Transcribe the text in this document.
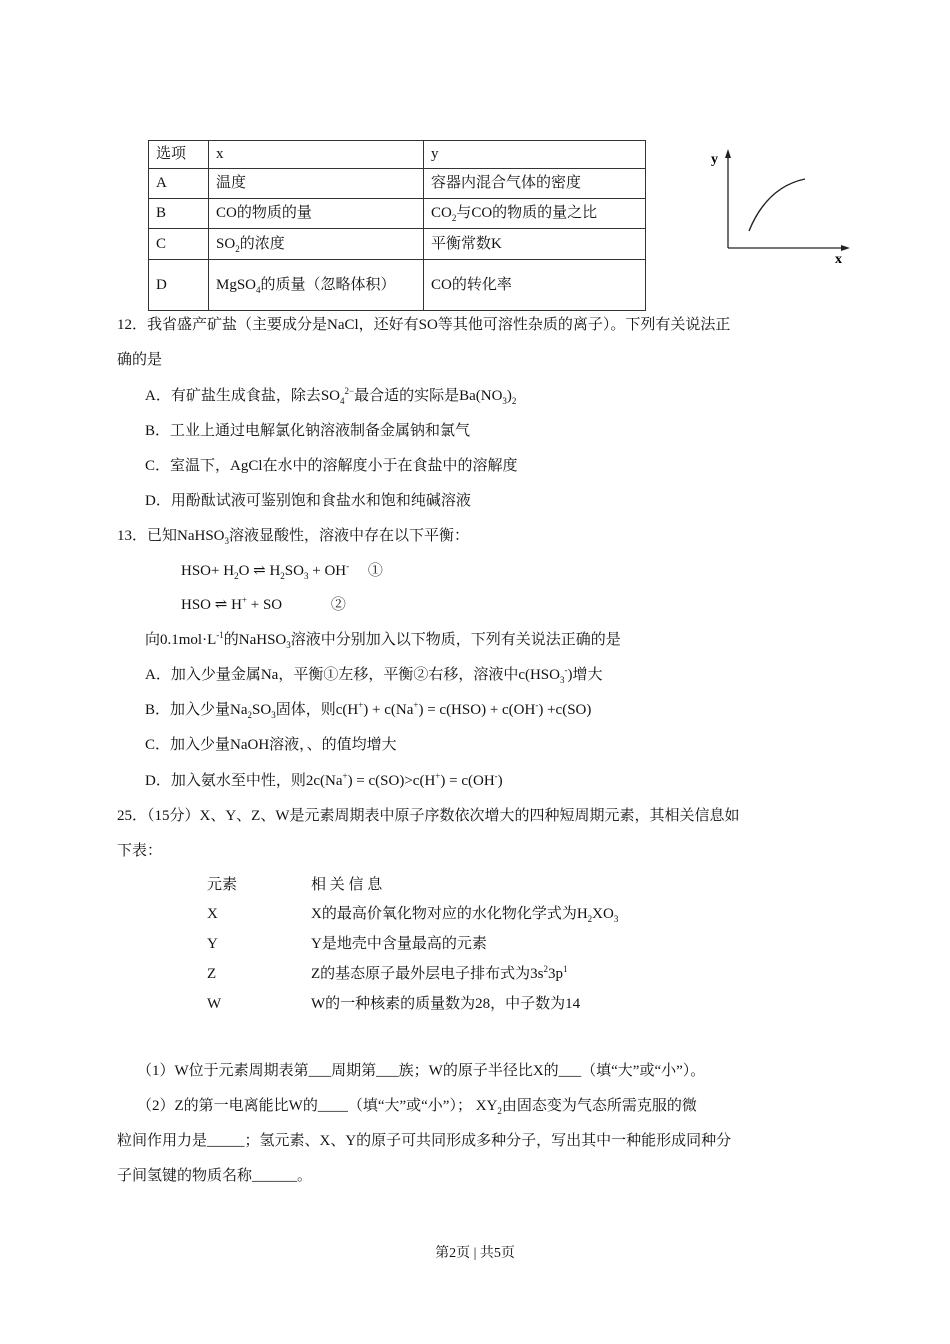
选项	x	y
A	温度	容器内混合气体的密度
B	CO的物质的量	$CO_2$与CO的物质的量之比
C	$SO_2$的浓度	平衡常数K
D	MgSO$_4$的质量（忽略体积）	CO的转化率
y
x
12．我省盛产矿盐（主要成分是NaCl，还好有SO等其他可溶性杂质的离子）。下列有关说法正
确的是
A．有矿盐生成食盐，除去$SO_4^{2-}$最合适的实际是$Ba(NO_3)_2$
B．工业上通过电解氯化钠溶液制备金属钠和氯气
C．室温下，AgCl在水中的溶解度小于在食盐中的溶解度
D．用酚酞试液可鉴别饱和食盐水和饱和纯碱溶液
13．已知NaHSO$_3$溶液显酸性，溶液中存在以下平衡：
$HSO+ H_2O$ ⇌ $H_2SO_3 + OH^-$　 ①
HSO ⇌ H+ + SO　　　 ②
向$0.1mol\cdot L^{-1}$的NaHSO$_3$溶液中分别加入以下物质，下列有关说法正确的是
A．加入少量金属Na，平衡①左移，平衡②右移，溶液中$c(HSO_3^-)$增大
B．加入少量$Na_2SO_3$固体，则c(H+) + c(Na+) = c(HSO) + c(OH-) +c(SO)
C．加入少量NaOH溶液，、的值均增大
D．加入氨水至中性，则2c(Na+) = c(SO)>c(H+) = c(OH-)
25．（15分）X、Y、Z、W是元素周期表中原子序数依次增大的四种短周期元素，其相关信息如
下表：
（1）W位于元素周期表第___周期第___族；W的原子半径比X的___（填“大”或“小”）。
（2）Z的第一电离能比W的____（填“大”或“小”）； $XY_2$由固态变为气态所需克服的微
粒间作用力是_____；氢元素、X、Y的原子可共同形成多种分子，写出其中一种能形成同种分
子间氢键的物质名称______。
元素	相 关 信 息
X	X的最高价氧化物对应的水化物化学式为$H_2XO_3$
Y	Y是地壳中含量最高的元素
Z	Z的基态原子最外层电子排布式为$3s^23p^1$
W	W的一种核素的质量数为28，中子数为14
第2页 | 共5页
